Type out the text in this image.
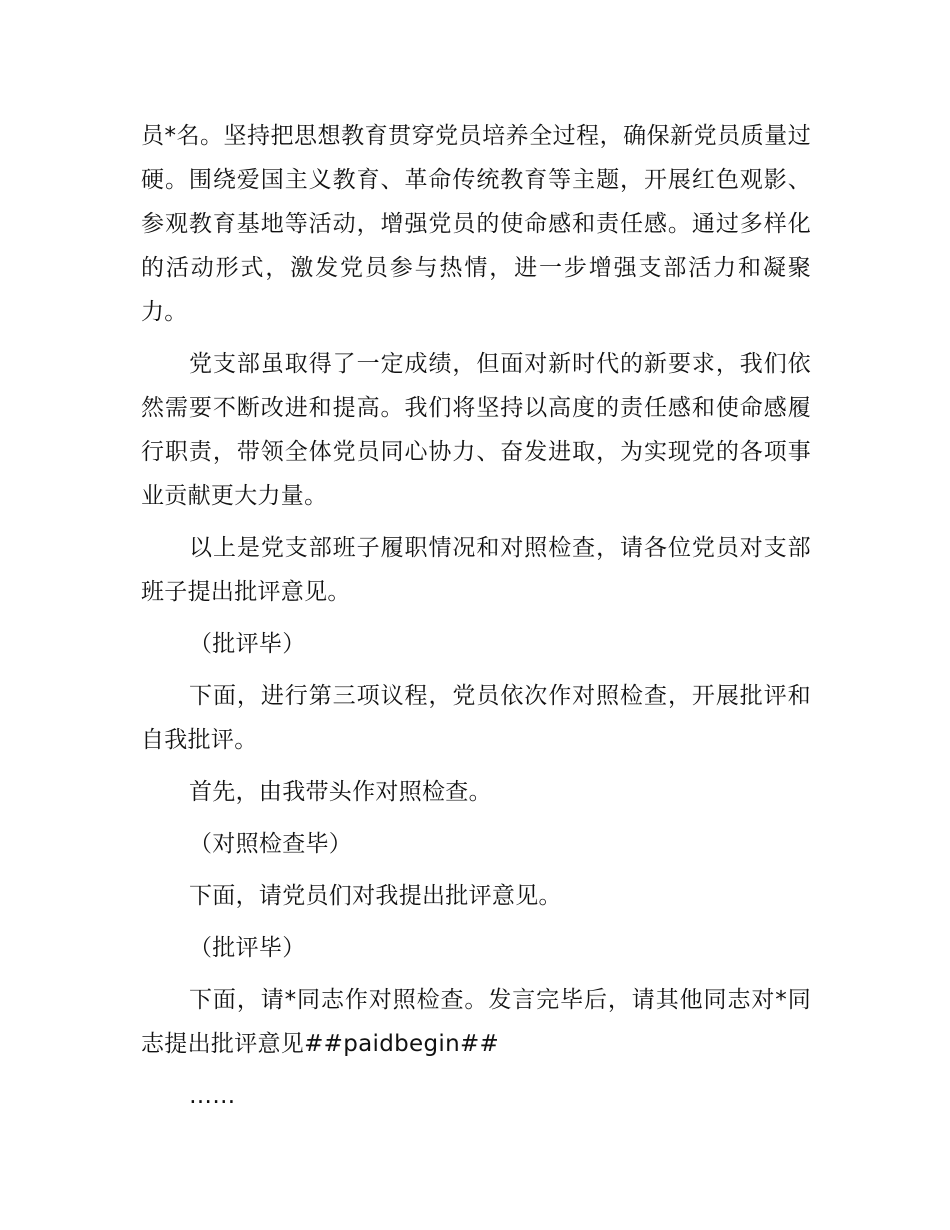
员*名。坚持把思想教育贯穿党员培养全过程，确保新党员质量过硬。围绕爱国主义教育、革命传统教育等主题，开展红色观影、参观教育基地等活动，增强党员的使命感和责任感。通过多样化的活动形式，激发党员参与热情，进一步增强支部活力和凝聚力。

党支部虽取得了一定成绩，但面对新时代的新要求，我们依然需要不断改进和提高。我们将坚持以高度的责任感和使命感履行职责，带领全体党员同心协力、奋发进取，为实现党的各项事业贡献更大力量。

以上是党支部班子履职情况和对照检查，请各位党员对支部班子提出批评意见。

（批评毕）

下面，进行第三项议程，党员依次作对照检查，开展批评和自我批评。

首先，由我带头作对照检查。

（对照检查毕）

下面，请党员们对我提出批评意见。

（批评毕）

下面，请*同志作对照检查。发言完毕后，请其他同志对*同志提出批评意见##paidbegin##

……
